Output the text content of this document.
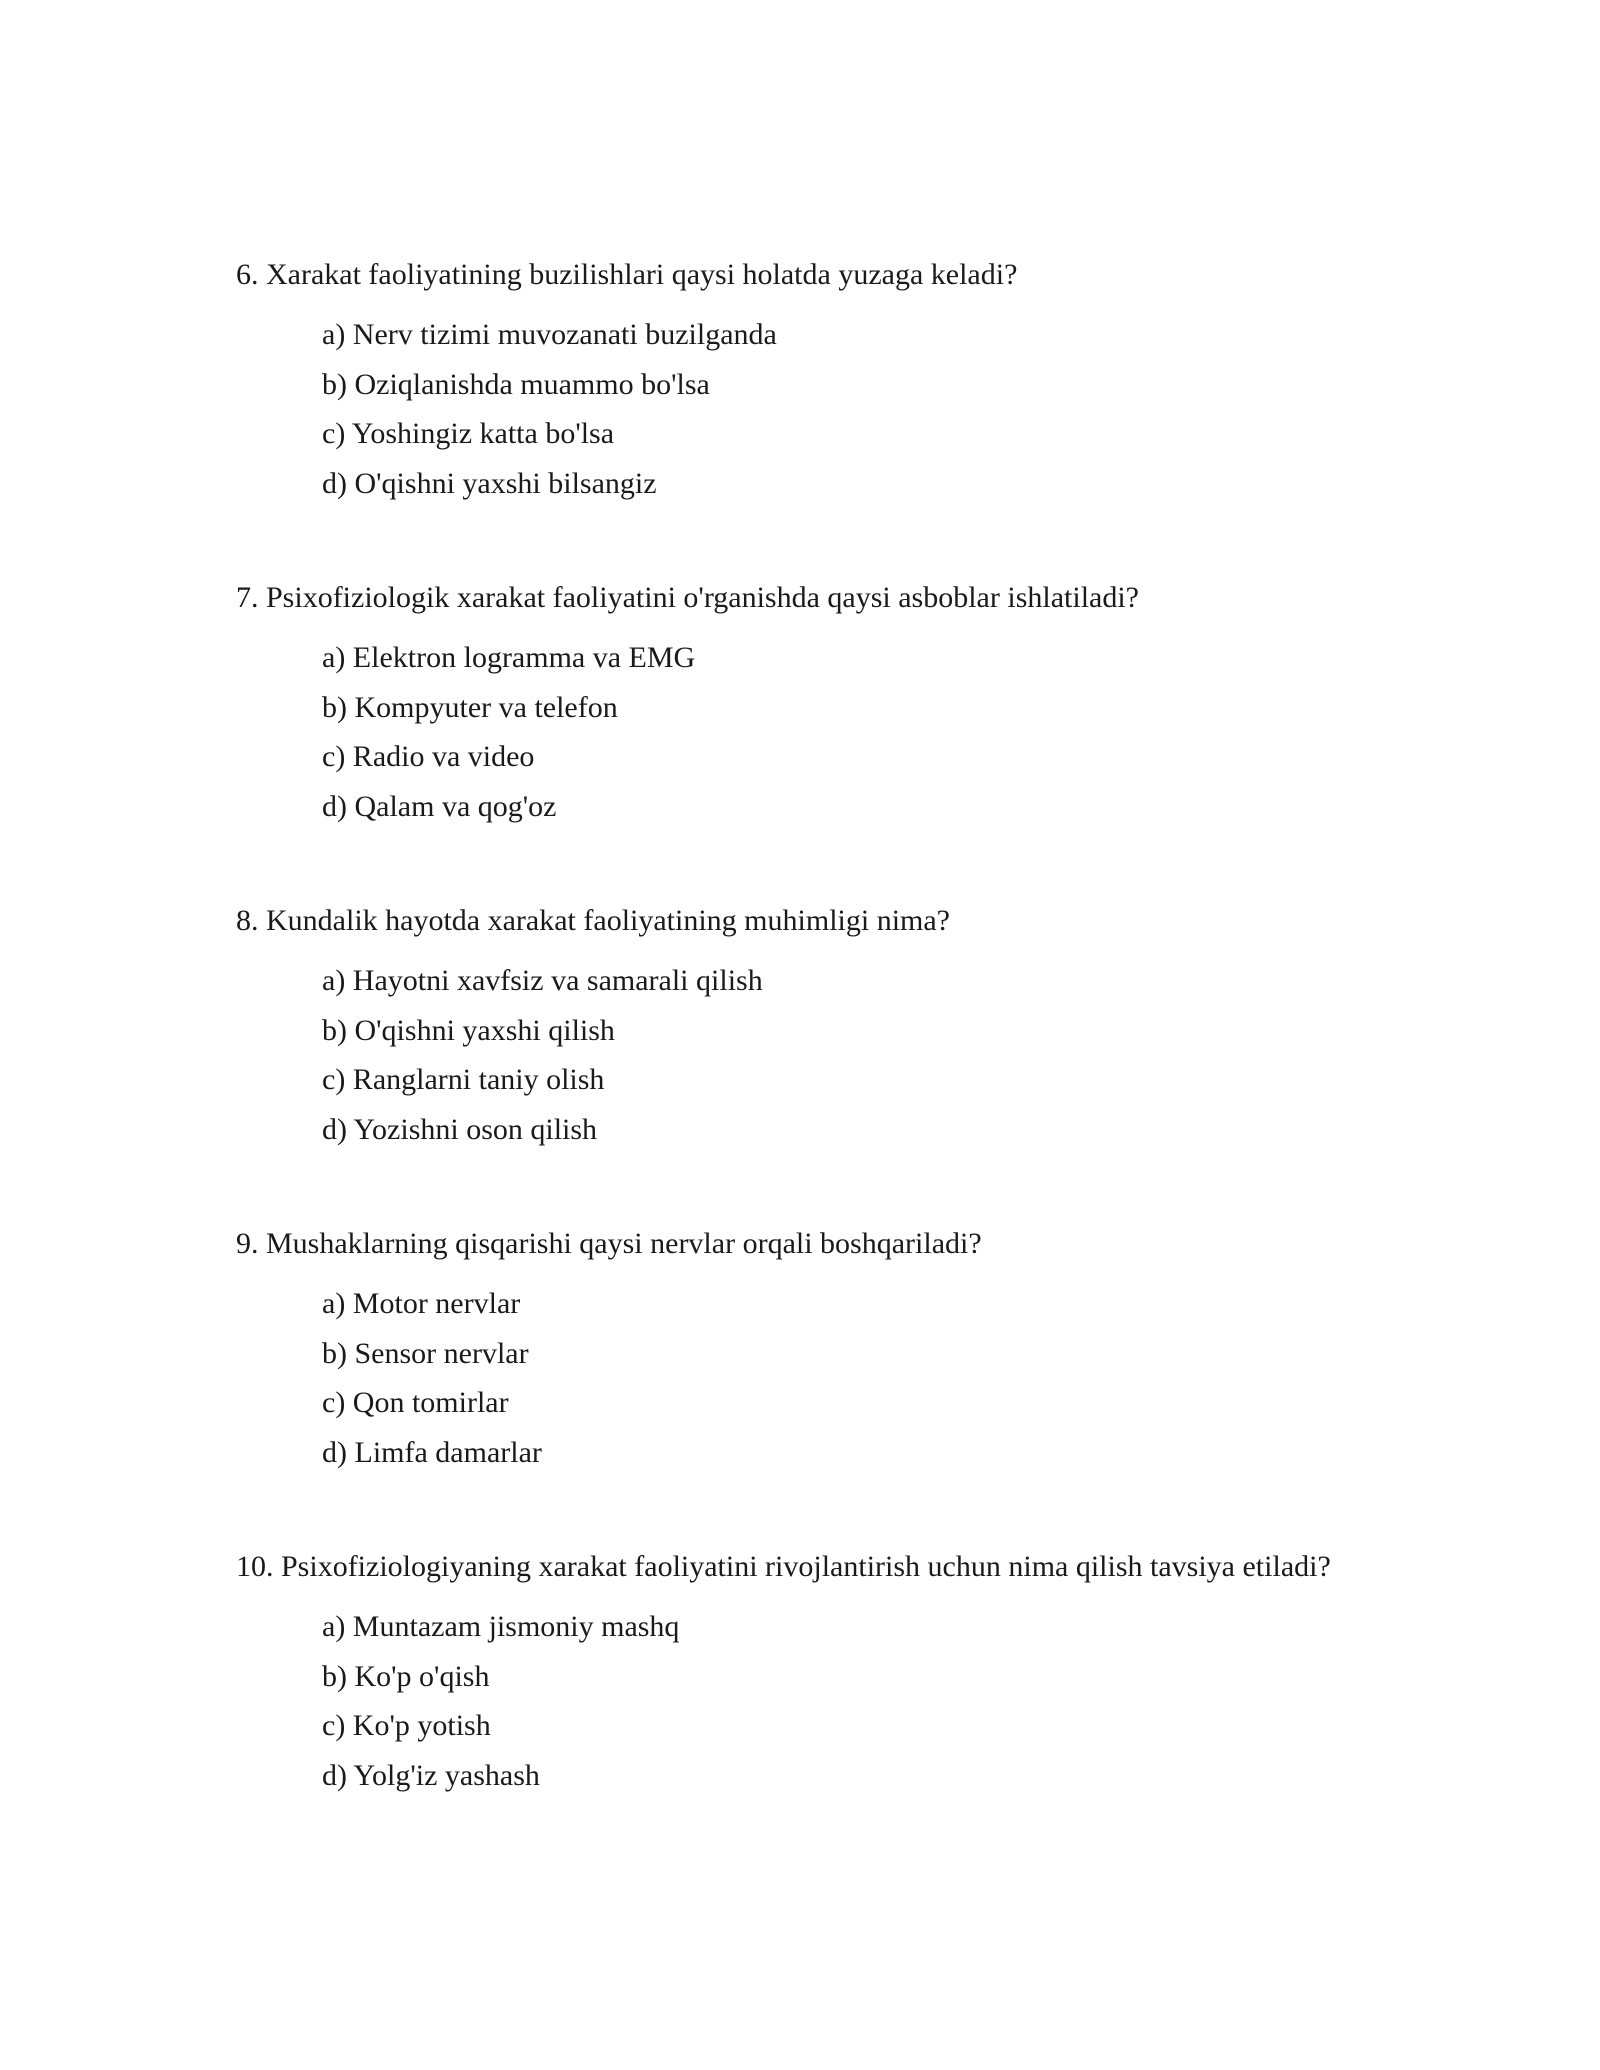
6. Xarakat faoliyatining buzilishlari qaysi holatda yuzaga keladi?

a) Nerv tizimi muvozanati buzilganda
b) Oziqlanishda muammo bo'lsa
c) Yoshingiz katta bo'lsa
d) O'qishni yaxshi bilsangiz

7. Psixofiziologik xarakat faoliyatini o'rganishda qaysi asboblar ishlatiladi?

a) Elektron logramma va EMG
b) Kompyuter va telefon
c) Radio va video
d) Qalam va qog'oz

8. Kundalik hayotda xarakat faoliyatining muhimligi nima?

a) Hayotni xavfsiz va samarali qilish
b) O'qishni yaxshi qilish
c) Ranglarni taniy olish
d) Yozishni oson qilish

9. Mushaklarning qisqarishi qaysi nervlar orqali boshqariladi?

a) Motor nervlar
b) Sensor nervlar
c) Qon tomirlar
d) Limfa damarlar

10. Psixofiziologiyaning xarakat faoliyatini rivojlantirish uchun nima qilish tavsiya etiladi?

a) Muntazam jismoniy mashq
b) Ko'p o'qish
c) Ko'p yotish
d) Yolg'iz yashash
